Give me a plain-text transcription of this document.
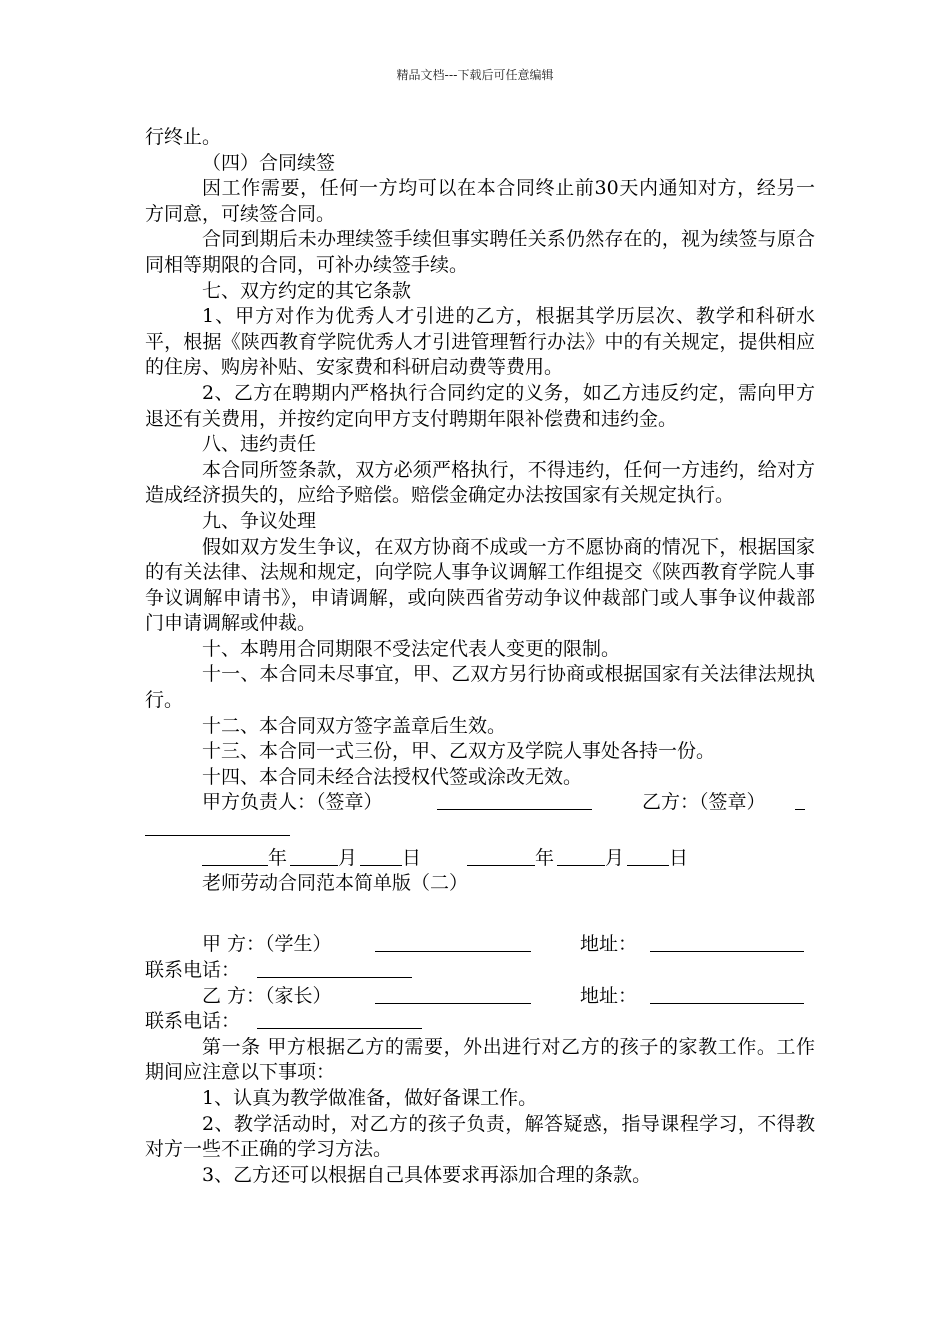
精品文档---下载后可任意编辑

行终止。

（四）合同续签

因工作需要，任何一方均可以在本合同终止前30天内通知对方，经另一方同意，可续签合同。

合同到期后未办理续签手续但事实聘任关系仍然存在的，视为续签与原合同相等期限的合同，可补办续签手续。

七、双方约定的其它条款

1、甲方对作为优秀人才引进的乙方，根据其学历层次、教学和科研水平，根据《陕西教育学院优秀人才引进管理暂行办法》中的有关规定，提供相应的住房、购房补贴、安家费和科研启动费等费用。

2、乙方在聘期内严格执行合同约定的义务，如乙方违反约定，需向甲方退还有关费用，并按约定向甲方支付聘期年限补偿费和违约金。

八、违约责任

本合同所签条款，双方必须严格执行，不得违约，任何一方违约，给对方造成经济损失的，应给予赔偿。赔偿金确定办法按国家有关规定执行。

九、争议处理

假如双方发生争议，在双方协商不成或一方不愿协商的情况下，根据国家的有关法律、法规和规定，向学院人事争议调解工作组提交《陕西教育学院人事争议调解申请书》，申请调解，或向陕西省劳动争议仲裁部门或人事争议仲裁部门申请调解或仲裁。

十、本聘用合同期限不受法定代表人变更的限制。

十一、本合同未尽事宜，甲、乙双方另行协商或根据国家有关法律法规执行。

十二、本合同双方签字盖章后生效。

十三、本合同一式三份，甲、乙双方及学院人事处各持一份。

十四、本合同未经合法授权代签或涂改无效。

甲方负责人：（签章）	乙方：（签章）
年	月 日	年	月 日

老师劳动合同范本简单版（二）

甲 方：（学生）	地址：
联系电话：
乙 方：（家长）	地址：
联系电话：

第一条 甲方根据乙方的需要，外出进行对乙方的孩子的家教工作。工作期间应注意以下事项：

1、认真为教学做准备，做好备课工作。

2、教学活动时，对乙方的孩子负责，解答疑惑，指导课程学习，不得教对方一些不正确的学习方法。

3、乙方还可以根据自己具体要求再添加合理的条款。
